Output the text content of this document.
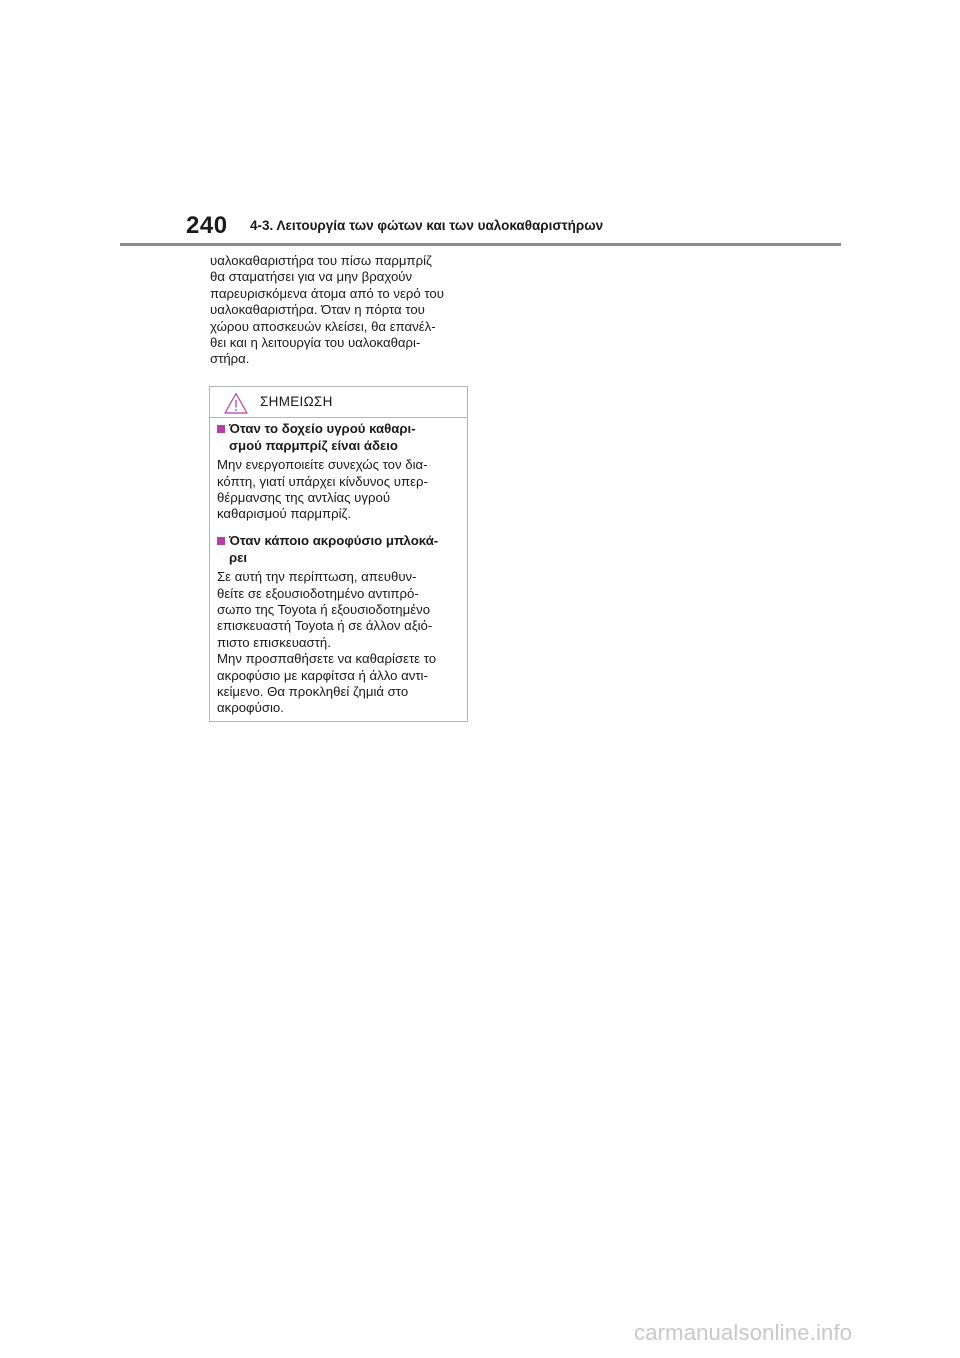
240 4-3. Λειτουργία των φώτων και των υαλοκαθαριστήρων
υαλοκαθαριστήρα του πίσω παρμπρίζ
θα σταματήσει για να μην βραχούν
παρευρισκόμενα άτομα από το νερό του
υαλοκαθαριστήρα. Όταν η πόρτα του
χώρου αποσκευών κλείσει, θα επανέλ-
θει και η λειτουργία του υαλοκαθαρι-
στήρα.
ΣΗΜΕΙΩΣΗ
Όταν το δοχείο υγρού καθαρι-
σμού παρμπρίζ είναι άδειο
Μην ενεργοποιείτε συνεχώς τον δια-
κόπτη, γιατί υπάρχει κίνδυνος υπερ-
θέρμανσης της αντλίας υγρού
καθαρισμού παρμπρίζ.
Όταν κάποιο ακροφύσιο μπλοκά-
ρει
Σε αυτή την περίπτωση, απευθυν-
θείτε σε εξουσιοδοτημένο αντιπρό-
σωπο της Toyota ή εξουσιοδοτημένο
επισκευαστή Toyota ή σε άλλον αξιό-
πιστο επισκευαστή.
Μην προσπαθήσετε να καθαρίσετε το
ακροφύσιο με καρφίτσα ή άλλο αντι-
κείμενο. Θα προκληθεί ζημιά στο
ακροφύσιο.
carmanualsonline.info
